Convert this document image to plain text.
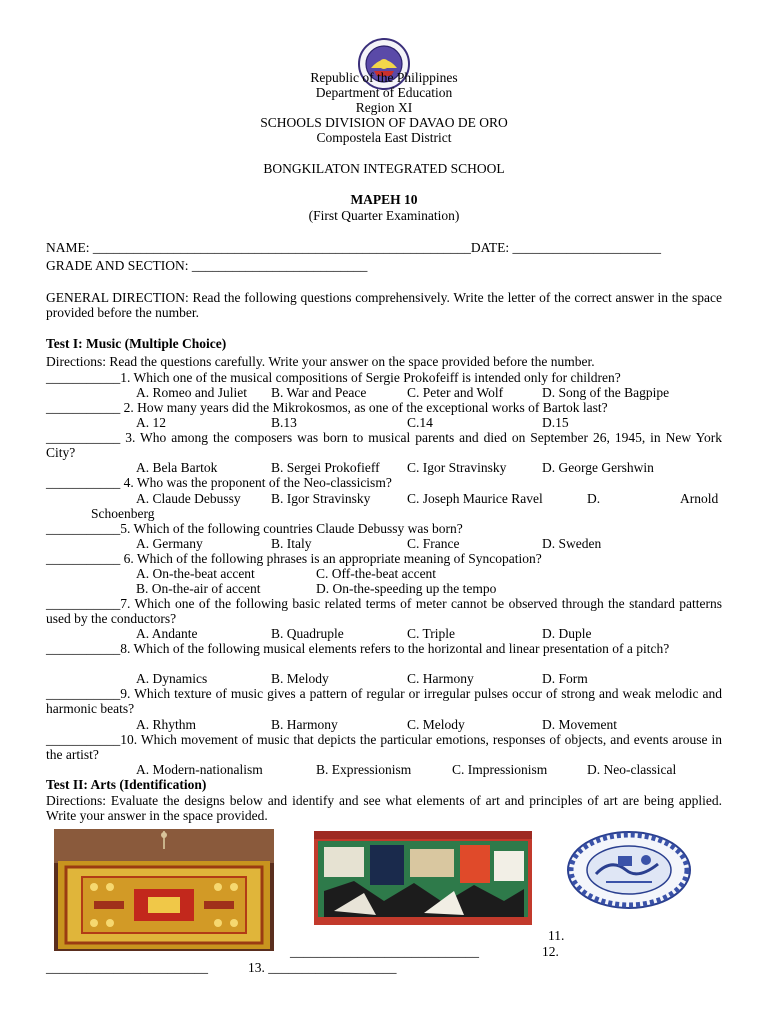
Republic of the Philippines
Department of Education
Region XI
SCHOOLS DIVISION OF DAVAO DE ORO
Compostela East District
BONGKILATON INTEGRATED SCHOOL
MAPEH 10
(First Quarter Examination)
NAME: ________________________________________________________DATE: ______________________
GRADE AND SECTION: __________________________
GENERAL DIRECTION: Read the following questions comprehensively. Write the letter of the correct answer in the space provided before the number.
Test I: Music (Multiple Choice)
Directions: Read the questions carefully. Write your answer on the space provided before the number.
___________1. Which one of the musical compositions of Sergie Prokofeiff is intended only for children?
A. Romeo and Juliet B. War and Peace	C. Peter and Wolf	D. Song of the Bagpipe
___________ 2. How many years did the Mikrokosmos, as one of the exceptional works of Bartok last?
A. 12	B.13	C.14	D.15
___________ 3. Who among the composers was born to musical parents and died on September 26, 1945, in New York City?
A. Bela Bartok	B. Sergei Prokofieff C. Igor Stravinsky	D. George Gershwin
___________ 4. Who was the proponent of the Neo-classicism?
A. Claude Debussy B. Igor Stravinsky	C. Joseph Maurice Ravel	D.	Arnold
Schoenberg
___________5. Which of the following countries Claude Debussy was born?
A. Germany	B. Italy	C. France	D. Sweden
___________ 6. Which of the following phrases is an appropriate meaning of Syncopation?
A. On-the-beat accent	C. Off-the-beat accent
B. On-the-air of accent	D. On-the-speeding up the tempo
___________7. Which one of the following basic related terms of meter cannot be observed through the standard patterns used by the conductors?
A. Andante	B. Quadruple	C. Triple	D. Duple
___________8. Which of the following musical elements refers to the horizontal and linear presentation of a pitch?
A. Dynamics	B. Melody	C. Harmony	D. Form
___________9. Which texture of music gives a pattern of regular or irregular pulses occur of strong and weak melodic and harmonic beats?
A. Rhythm	B. Harmony	C. Melody	D. Movement
___________10. Which movement of music that depicts the particular emotions, responses of objects, and events arouse in the artist?
A. Modern-nationalism	B. Expressionism	C. Impressionism	D. Neo-classical
Test II: Arts (Identification)
Directions: Evaluate the designs below and identify and see what elements of art and principles of art are being applied. Write your answer in the space provided.
11.
____________________________	12.
________________________	13. ___________________
